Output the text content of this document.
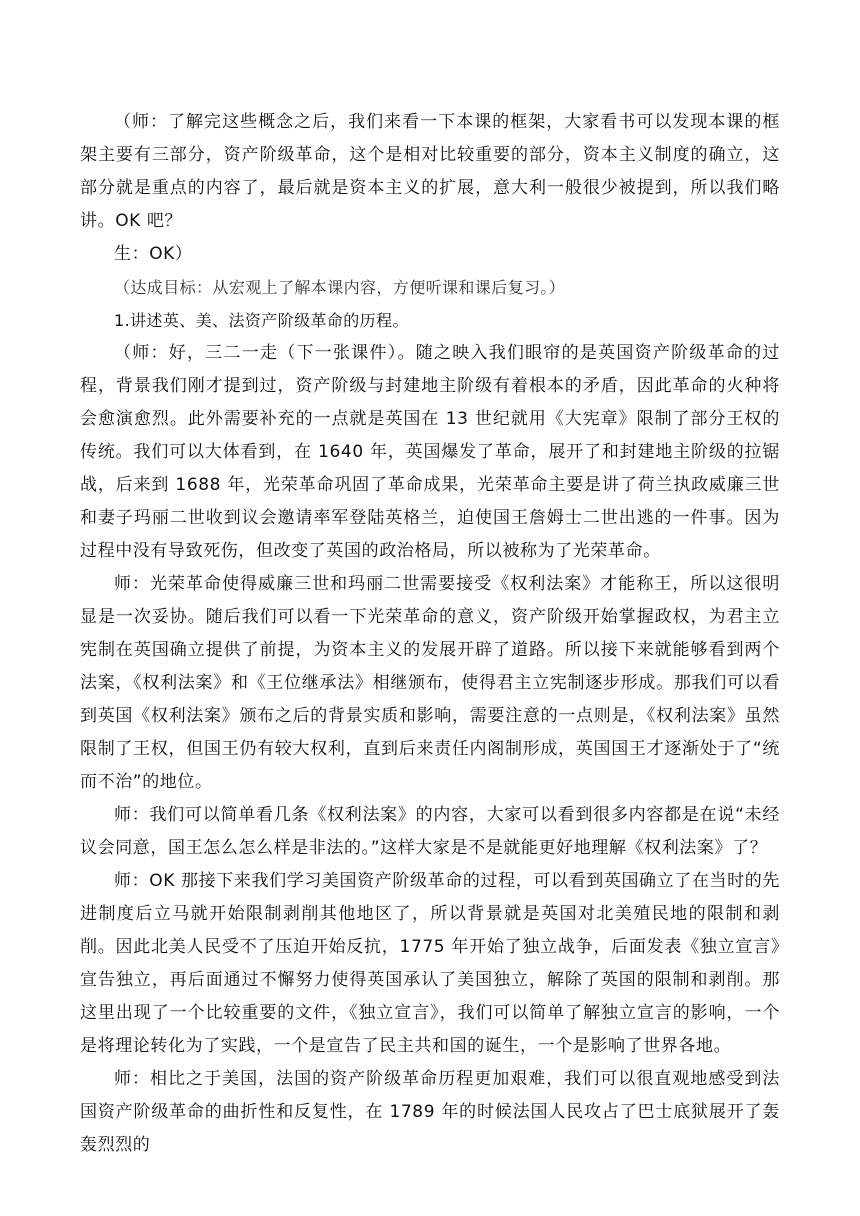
（师：了解完这些概念之后，我们来看一下本课的框架，大家看书可以发现本课的框架主要有三部分，资产阶级革命，这个是相对比较重要的部分，资本主义制度的确立，这部分就是重点的内容了，最后就是资本主义的扩展，意大利一般很少被提到，所以我们略讲。OK 吧？

生：OK）

（达成目标：从宏观上了解本课内容，方便听课和课后复习。）

1.讲述英、美、法资产阶级革命的历程。

（师：好，三二一走（下一张课件）。随之映入我们眼帘的是英国资产阶级革命的过程，背景我们刚才提到过，资产阶级与封建地主阶级有着根本的矛盾，因此革命的火种将会愈演愈烈。此外需要补充的一点就是英国在 13 世纪就用《大宪章》限制了部分王权的传统。我们可以大体看到，在 1640 年，英国爆发了革命，展开了和封建地主阶级的拉锯战，后来到 1688 年，光荣革命巩固了革命成果，光荣革命主要是讲了荷兰执政威廉三世和妻子玛丽二世收到议会邀请率军登陆英格兰，迫使国王詹姆士二世出逃的一件事。因为过程中没有导致死伤，但改变了英国的政治格局，所以被称为了光荣革命。

师：光荣革命使得威廉三世和玛丽二世需要接受《权利法案》才能称王，所以这很明显是一次妥协。随后我们可以看一下光荣革命的意义，资产阶级开始掌握政权，为君主立宪制在英国确立提供了前提，为资本主义的发展开辟了道路。所以接下来就能够看到两个法案，《权利法案》和《王位继承法》相继颁布，使得君主立宪制逐步形成。那我们可以看到英国《权利法案》颁布之后的背景实质和影响，需要注意的一点则是，《权利法案》虽然限制了王权，但国王仍有较大权利，直到后来责任内阁制形成，英国国王才逐渐处于了“统而不治”的地位。

师：我们可以简单看几条《权利法案》的内容，大家可以看到很多内容都是在说“未经议会同意，国王怎么怎么样是非法的。”这样大家是不是就能更好地理解《权利法案》了？

师：OK 那接下来我们学习美国资产阶级革命的过程，可以看到英国确立了在当时的先进制度后立马就开始限制剥削其他地区了，所以背景就是英国对北美殖民地的限制和剥削。因此北美人民受不了压迫开始反抗，1775 年开始了独立战争，后面发表《独立宣言》宣告独立，再后面通过不懈努力使得英国承认了美国独立，解除了英国的限制和剥削。那这里出现了一个比较重要的文件，《独立宣言》，我们可以简单了解独立宣言的影响，一个是将理论转化为了实践，一个是宣告了民主共和国的诞生，一个是影响了世界各地。

师：相比之于美国，法国的资产阶级革命历程更加艰难，我们可以很直观地感受到法国资产阶级革命的曲折性和反复性，在 1789 年的时候法国人民攻占了巴士底狱展开了轰轰烈烈的
